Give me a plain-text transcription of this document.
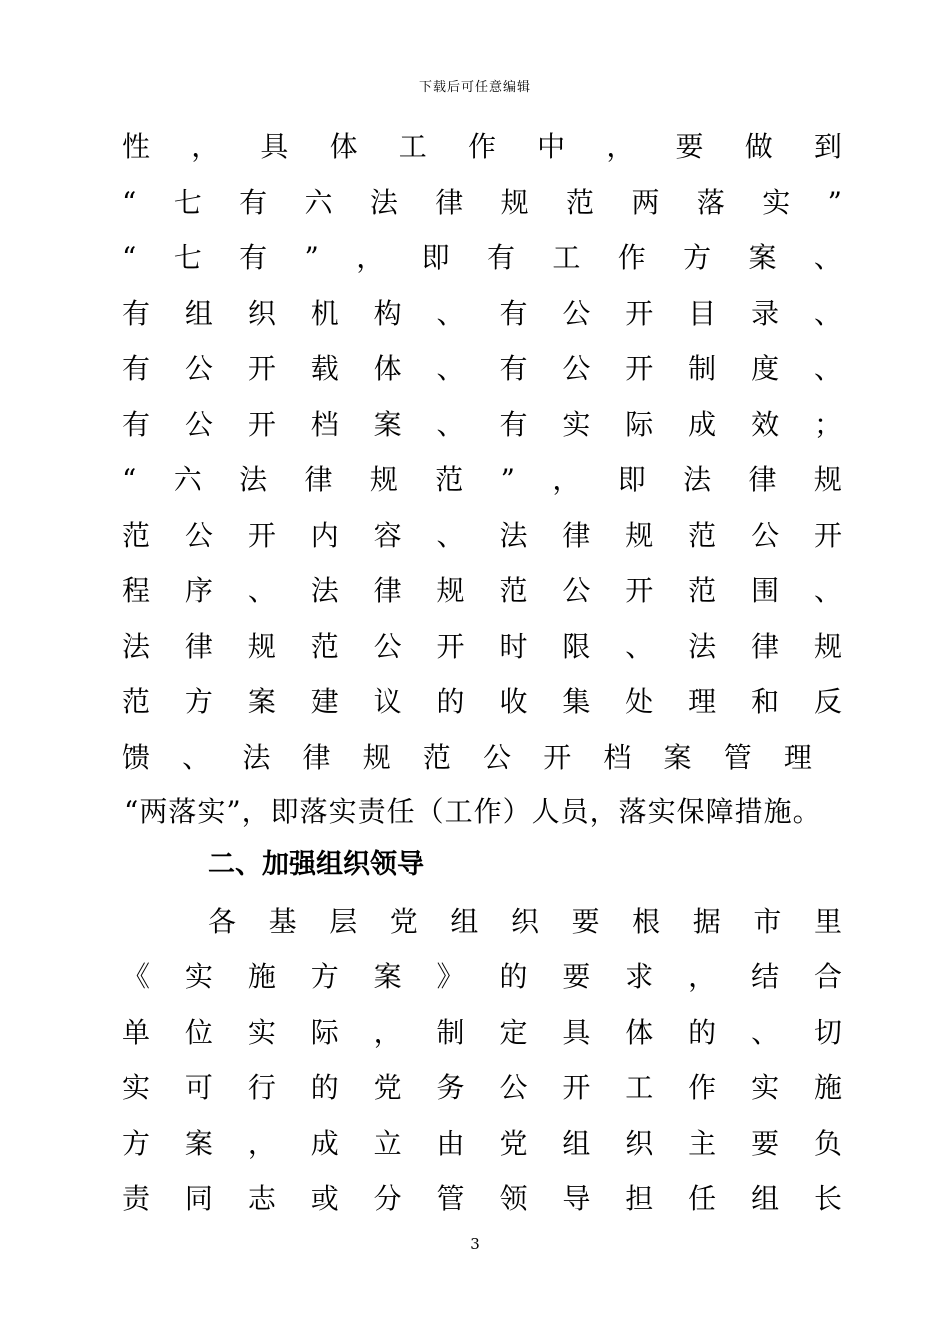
下载后可任意编辑
性 ， 具 体 工 作 中 ， 要 做 到
“ 七 有 六 法 律 规 范 两 落 实 ”
“ 七 有 ” ， 即 有 工 作 方 案 、
有 组 织 机 构 、 有 公 开 目 录 、
有 公 开 载 体 、 有 公 开 制 度 、
有 公 开 档 案 、 有 实 际 成 效 ；
“ 六 法 律 规 范 ” ， 即 法 律 规
范 公 开 内 容 、 法 律 规 范 公 开
程 序 、 法 律 规 范 公 开 范 围 、
法 律 规 范 公 开 时 限 、 法 律 规
范 方 案 建 议 的 收 集 处 理 和 反
馈 、 法 律 规 范 公 开 档 案 管 理
“两落实”，即落实责任（工作）人员，落实保障措施。
各 基 层 党 组 织 要 根 据 市 里
《 实 施 方 案 》 的 要 求 ， 结 合
单 位 实 际 ， 制 定 具 体 的 、 切
实 可 行 的 党 务 公 开 工 作 实 施
方 案 ， 成 立 由 党 组 织 主 要 负
责 同 志 或 分 管 领 导 担 任 组 长
二、加强组织领导
3
